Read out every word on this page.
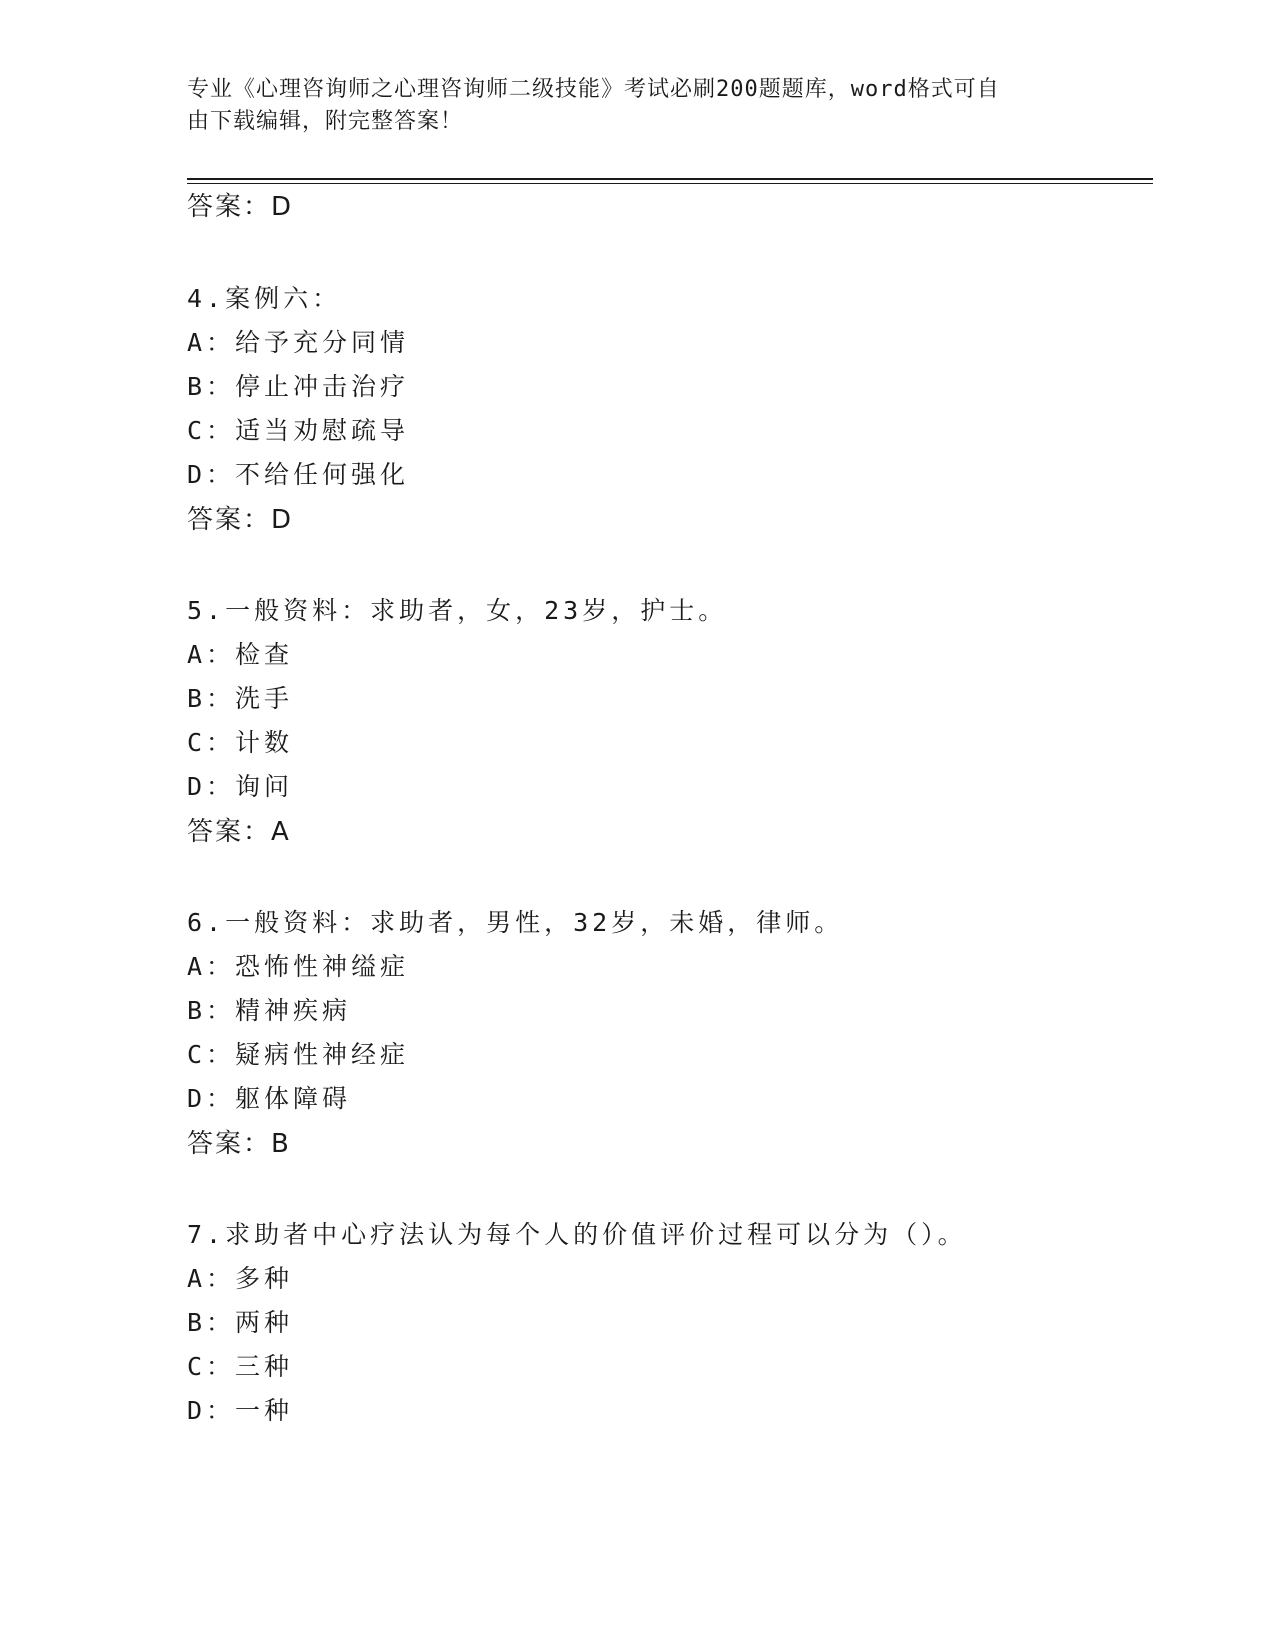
专业《心理咨询师之心理咨询师二级技能》考试必刷200题题库，word格式可自
由下载编辑，附完整答案！
答案：D
4.案例六：
A：给予充分同情
B：停止冲击治疗
C：适当劝慰疏导
D：不给任何强化
答案：D
5.一般资料：求助者，女，23岁，护士。
A：检查
B：洗手
C：计数
D：询问
答案：A
6.一般资料：求助者，男性，32岁，未婚，律师。
A：恐怖性神缢症
B：精神疾病
C：疑病性神经症
D：躯体障碍
答案：B
7.求助者中心疗法认为每个人的价值评价过程可以分为（）。
A：多种
B：两种
C：三种
D：一种
